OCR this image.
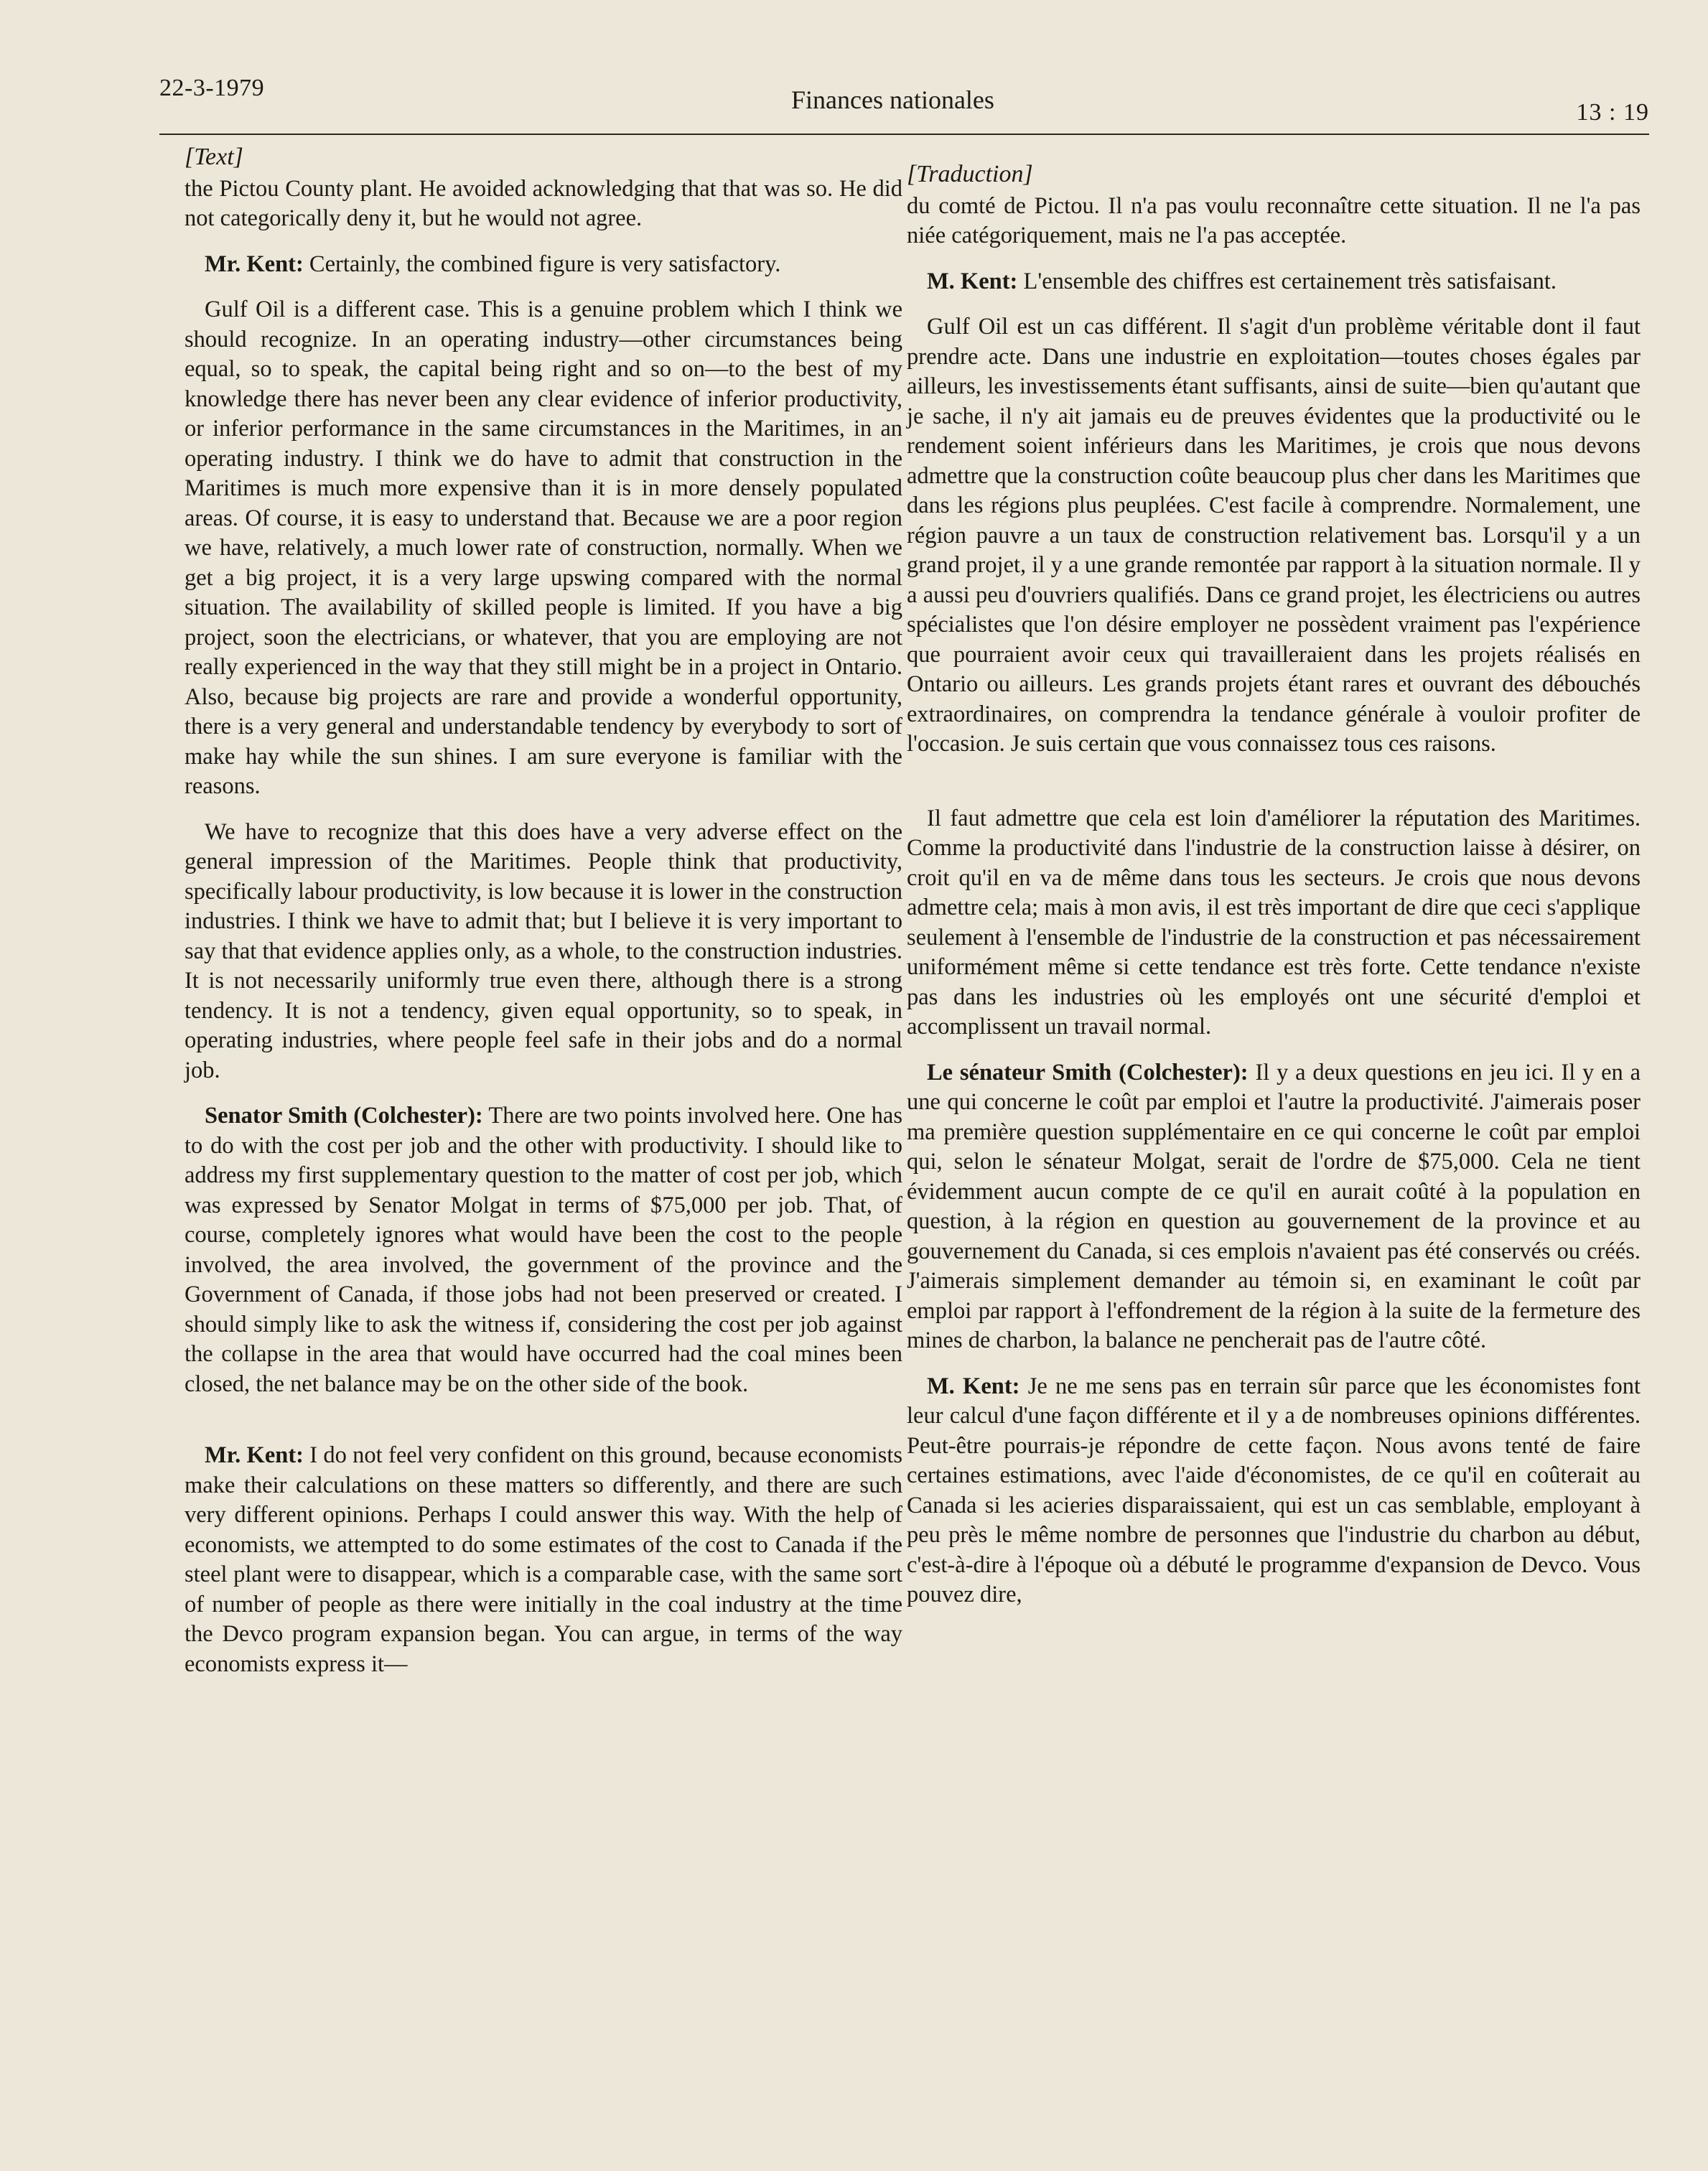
22-3-1979	Finances nationales	13 : 19
[Text]

the Pictou County plant. He avoided acknowledging that that was so. He did not categorically deny it, but he would not agree.

Mr. Kent: Certainly, the combined figure is very satisfactory.

Gulf Oil is a different case. This is a genuine problem which I think we should recognize. In an operating industry—other circumstances being equal, so to speak, the capital being right and so on—to the best of my knowledge there has never been any clear evidence of inferior productivity, or inferior performance in the same circumstances in the Maritimes, in an operating industry. I think we do have to admit that construction in the Maritimes is much more expensive than it is in more densely populated areas. Of course, it is easy to understand that. Because we are a poor region we have, relatively, a much lower rate of construction, normally. When we get a big project, it is a very large upswing compared with the normal situation. The availability of skilled people is limited. If you have a big project, soon the electricians, or whatever, that you are employing are not really experienced in the way that they still might be in a project in Ontario. Also, because big projects are rare and provide a wonderful opportunity, there is a very general and understandable tendency by everybody to sort of make hay while the sun shines. I am sure everyone is familiar with the reasons.

We have to recognize that this does have a very adverse effect on the general impression of the Maritimes. People think that productivity, specifically labour productivity, is low because it is lower in the construction industries. I think we have to admit that; but I believe it is very important to say that that evidence applies only, as a whole, to the construction industries. It is not necessarily uniformly true even there, although there is a strong tendency. It is not a tendency, given equal opportunity, so to speak, in operating industries, where people feel safe in their jobs and do a normal job.

Senator Smith (Colchester): There are two points involved here. One has to do with the cost per job and the other with productivity. I should like to address my first supplementary question to the matter of cost per job, which was expressed by Senator Molgat in terms of $75,000 per job. That, of course, completely ignores what would have been the cost to the people involved, the area involved, the government of the province and the Government of Canada, if those jobs had not been preserved or created. I should simply like to ask the witness if, considering the cost per job against the collapse in the area that would have occurred had the coal mines been closed, the net balance may be on the other side of the book.

Mr. Kent: I do not feel very confident on this ground, because economists make their calculations on these matters so differently, and there are such very different opinions. Perhaps I could answer this way. With the help of economists, we attempted to do some estimates of the cost to Canada if the steel plant were to disappear, which is a comparable case, with the same sort of number of people as there were initially in the coal industry at the time the Devco program expansion began. You can argue, in terms of the way economists express it—

[Traduction]

du comté de Pictou. Il n'a pas voulu reconnaître cette situation. Il ne l'a pas niée catégoriquement, mais ne l'a pas acceptée.

M. Kent: L'ensemble des chiffres est certainement très satisfaisant.

Gulf Oil est un cas différent. Il s'agit d'un problème véritable dont il faut prendre acte. Dans une industrie en exploitation—toutes choses égales par ailleurs, les investissements étant suffisants, ainsi de suite—bien qu'autant que je sache, il n'y ait jamais eu de preuves évidentes que la productivité ou le rendement soient inférieurs dans les Maritimes, je crois que nous devons admettre que la construction coûte beaucoup plus cher dans les Maritimes que dans les régions plus peuplées. C'est facile à comprendre. Normalement, une région pauvre a un taux de construction relativement bas. Lorsqu'il y a un grand projet, il y a une grande remontée par rapport à la situation normale. Il y a aussi peu d'ouvriers qualifiés. Dans ce grand projet, les électriciens ou autres spécialistes que l'on désire employer ne possèdent vraiment pas l'expérience que pourraient avoir ceux qui travailleraient dans les projets réalisés en Ontario ou ailleurs. Les grands projets étant rares et ouvrant des débouchés extraordinaires, on comprendra la tendance générale à vouloir profiter de l'occasion. Je suis certain que vous connaissez tous ces raisons.

Il faut admettre que cela est loin d'améliorer la réputation des Maritimes. Comme la productivité dans l'industrie de la construction laisse à désirer, on croit qu'il en va de même dans tous les secteurs. Je crois que nous devons admettre cela; mais à mon avis, il est très important de dire que ceci s'applique seulement à l'ensemble de l'industrie de la construction et pas nécessairement uniformément même si cette tendance est très forte. Cette tendance n'existe pas dans les industries où les employés ont une sécurité d'emploi et accomplissent un travail normal.

Le sénateur Smith (Colchester): Il y a deux questions en jeu ici. Il y en a une qui concerne le coût par emploi et l'autre la productivité. J'aimerais poser ma première question supplémentaire en ce qui concerne le coût par emploi qui, selon le sénateur Molgat, serait de l'ordre de $75,000. Cela ne tient évidemment aucun compte de ce qu'il en aurait coûté à la population en question, à la région en question au gouvernement de la province et au gouvernement du Canada, si ces emplois n'avaient pas été conservés ou créés. J'aimerais simplement demander au témoin si, en examinant le coût par emploi par rapport à l'effondrement de la région à la suite de la fermeture des mines de charbon, la balance ne pencherait pas de l'autre côté.

M. Kent: Je ne me sens pas en terrain sûr parce que les économistes font leur calcul d'une façon différente et il y a de nombreuses opinions différentes. Peut-être pourrais-je répondre de cette façon. Nous avons tenté de faire certaines estimations, avec l'aide d'économistes, de ce qu'il en coûterait au Canada si les acieries disparaissaient, qui est un cas semblable, employant à peu près le même nombre de personnes que l'industrie du charbon au début, c'est-à-dire à l'époque où a débuté le programme d'expansion de Devco. Vous pouvez dire,
